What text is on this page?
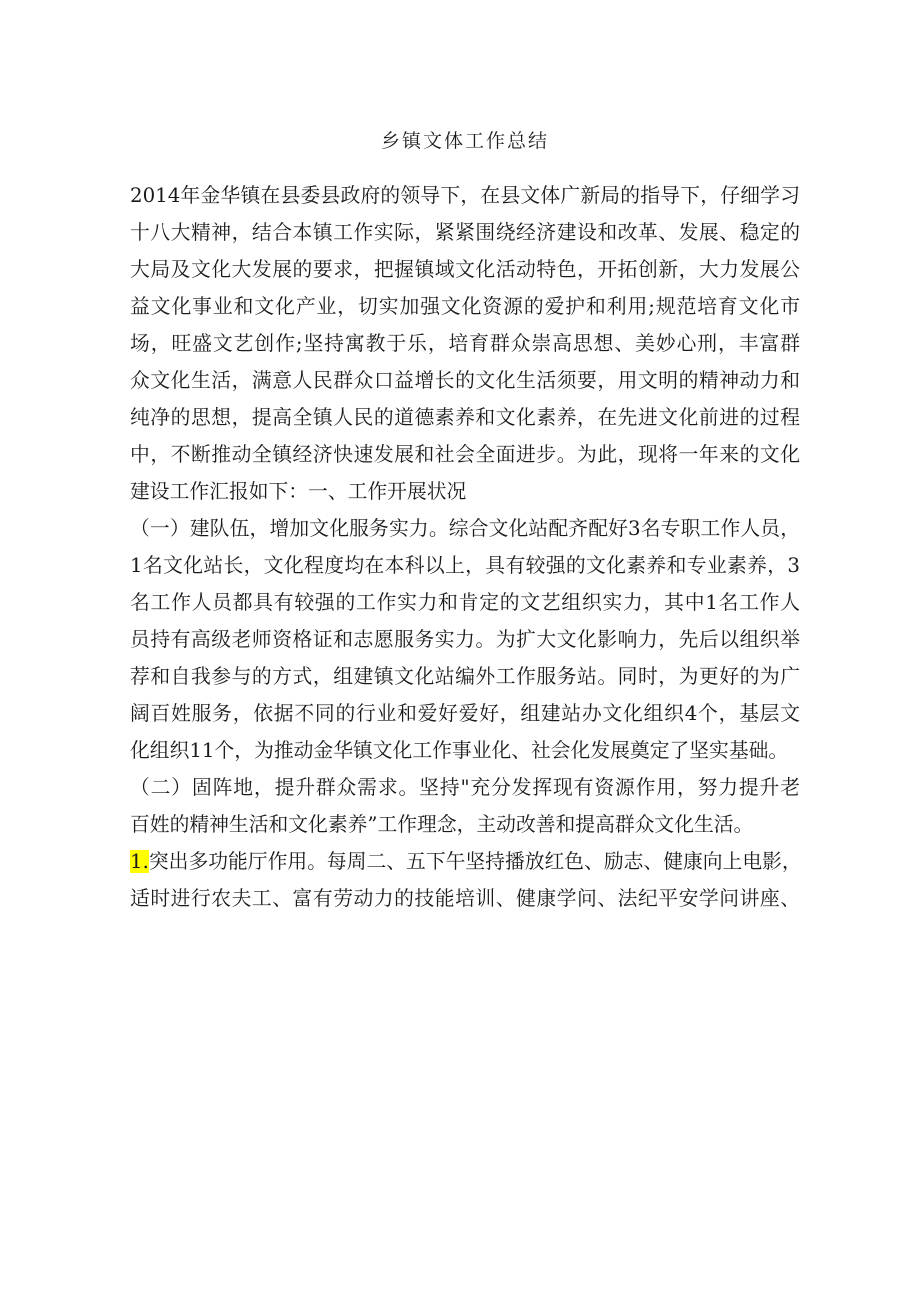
乡镇文体工作总结
2014年金华镇在县委县政府的领导下，在县文体广新局的指导下，仔细学习
十八大精神，结合本镇工作实际，紧紧围绕经济建设和改革、发展、稳定的
大局及文化大发展的要求，把握镇域文化活动特色，开拓创新，大力发展公
益文化事业和文化产业，切实加强文化资源的爱护和利用;规范培育文化市
场，旺盛文艺创作;坚持寓教于乐，培育群众崇高思想、美妙心刑，丰富群
众文化生活，满意人民群众口益增长的文化生活须要，用文明的精神动力和
纯净的思想，提高全镇人民的道德素养和文化素养，在先进文化前进的过程
中，不断推动全镇经济快速发展和社会全面进步。为此，现将一年来的文化
建设工作汇报如下：一、工作开展状况
（一）建队伍，增加文化服务实力。综合文化站配齐配好3名专职工作人员，
1名文化站长，文化程度均在本科以上，具有较强的文化素养和专业素养，3
名工作人员都具有较强的工作实力和肯定的文艺组织实力，其中1名工作人
员持有高级老师资格证和志愿服务实力。为扩大文化影响力，先后以组织举
荐和自我参与的方式，组建镇文化站编外工作服务站。同时，为更好的为广
阔百姓服务，依据不同的行业和爱好爱好，组建站办文化组织4个，基层文
化组织11个，为推动金华镇文化工作事业化、社会化发展奠定了坚实基础。
（二）固阵地，提升群众需求。坚持"充分发挥现有资源作用，努力提升老
百姓的精神生活和文化素养”工作理念，主动改善和提高群众文化生活。
1.突出多功能厅作用。每周二、五下午坚持播放红色、励志、健康向上电影，
适时进行农夫工、富有劳动力的技能培训、健康学问、法纪平安学问讲座、
